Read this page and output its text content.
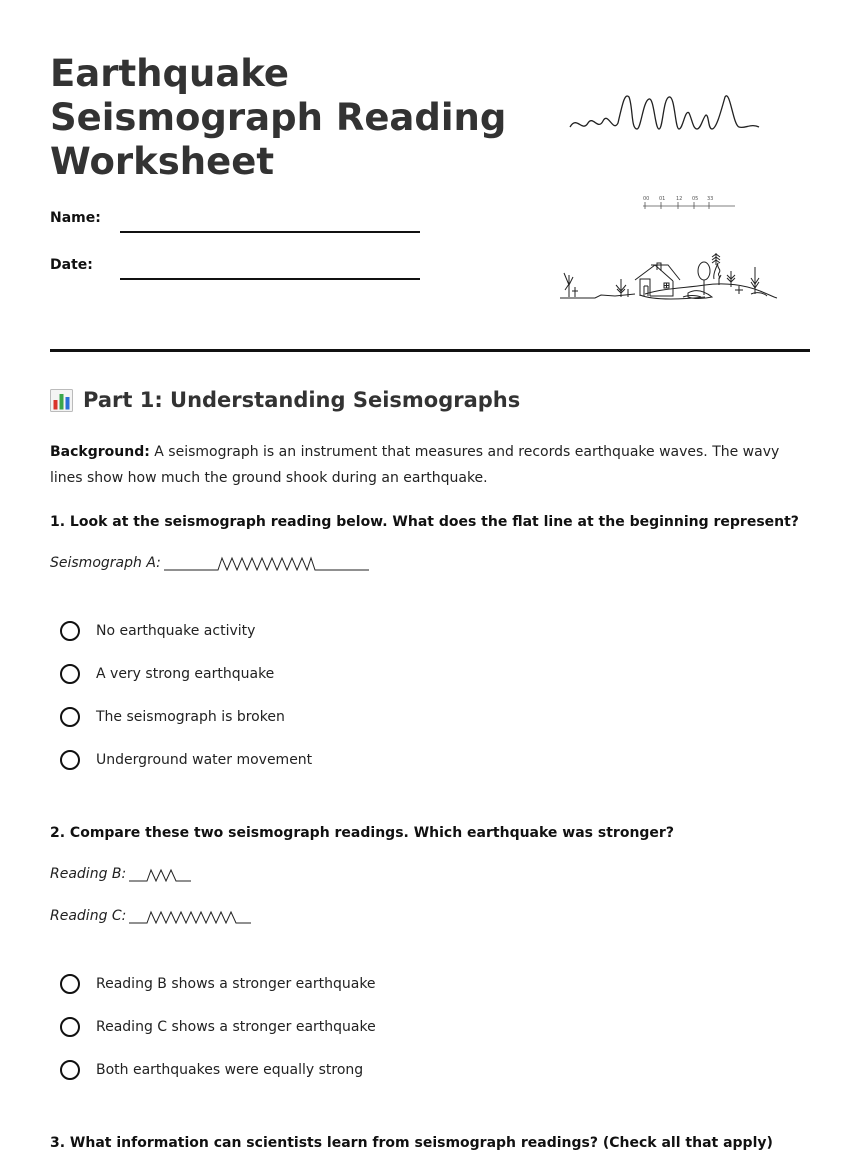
Earthquake
Seismograph Reading
Worksheet
Name:
Date:
00 01 12 05 33
Part 1: Understanding Seismographs

Background: A seismograph is an instrument that measures and records earthquake waves. The wavy lines show how much the ground shook during an earthquake.

1. Look at the seismograph reading below. What does the flat line at the beginning represent?

Seismograph A:
No earthquake activity
A very strong earthquake
The seismograph is broken
Underground water movement

2. Compare these two seismograph readings. Which earthquake was stronger?

Reading B:
Reading C:
Reading B shows a stronger earthquake
Reading C shows a stronger earthquake
Both earthquakes were equally strong

3. What information can scientists learn from seismograph readings? (Check all that apply)
